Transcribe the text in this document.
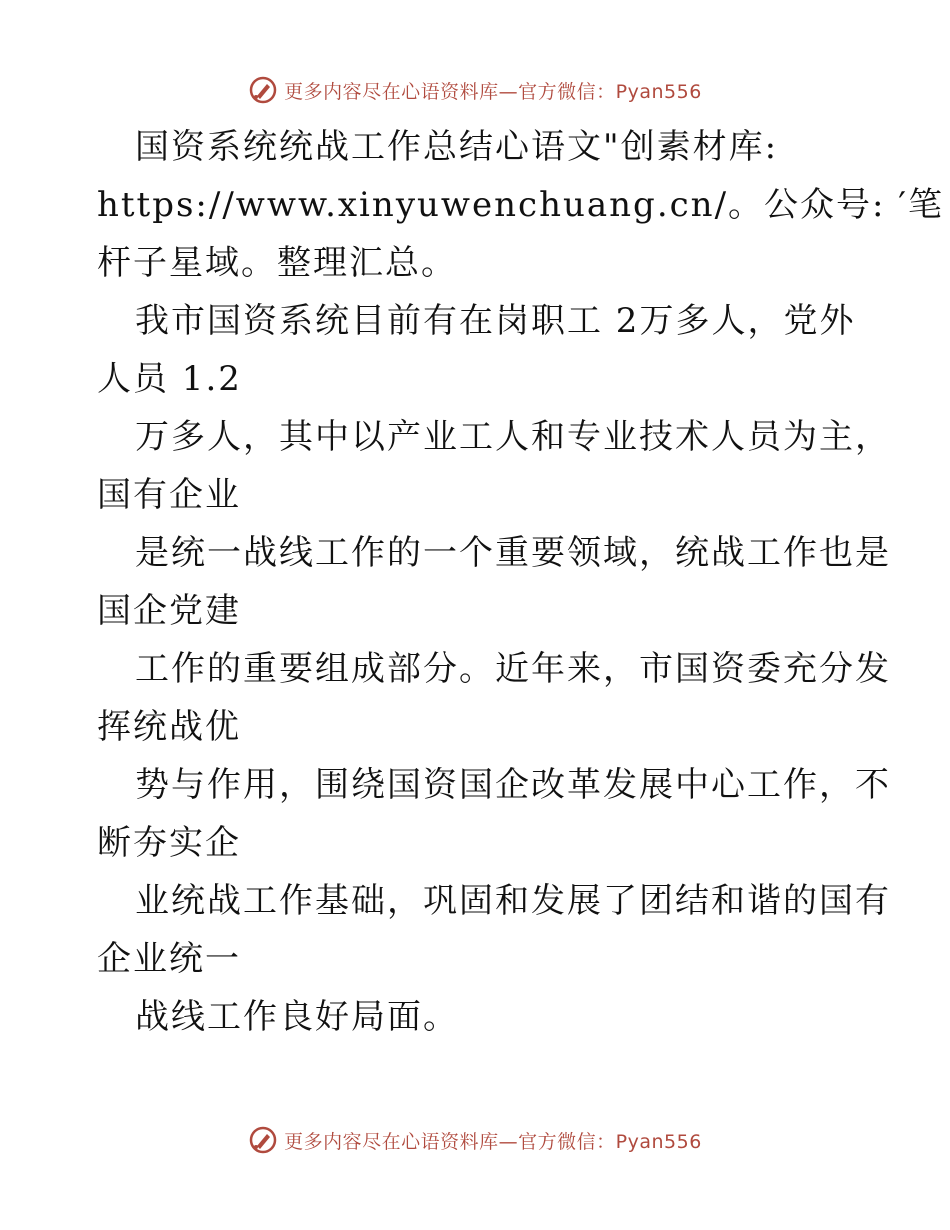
更多内容尽在心语资料库—官方微信：Pyan556
国资系统统战工作总结心语文"创素材库:
https://www.xinyuwenchuang.cn/。公众号: ′笔
杆子星域。整理汇总。
我市国资系统目前有在岗职工 2万多人，党外
人员 1.2
万多人，其中以产业工人和专业技术人员为主，
国有企业
是统一战线工作的一个重要领域，统战工作也是
国企党建
工作的重要组成部分。近年来，市国资委充分发
挥统战优
势与作用，围绕国资国企改革发展中心工作，不
断夯实企
业统战工作基础，巩固和发展了团结和谐的国有
企业统一
战线工作良好局面。
更多内容尽在心语资料库—官方微信：Pyan556
